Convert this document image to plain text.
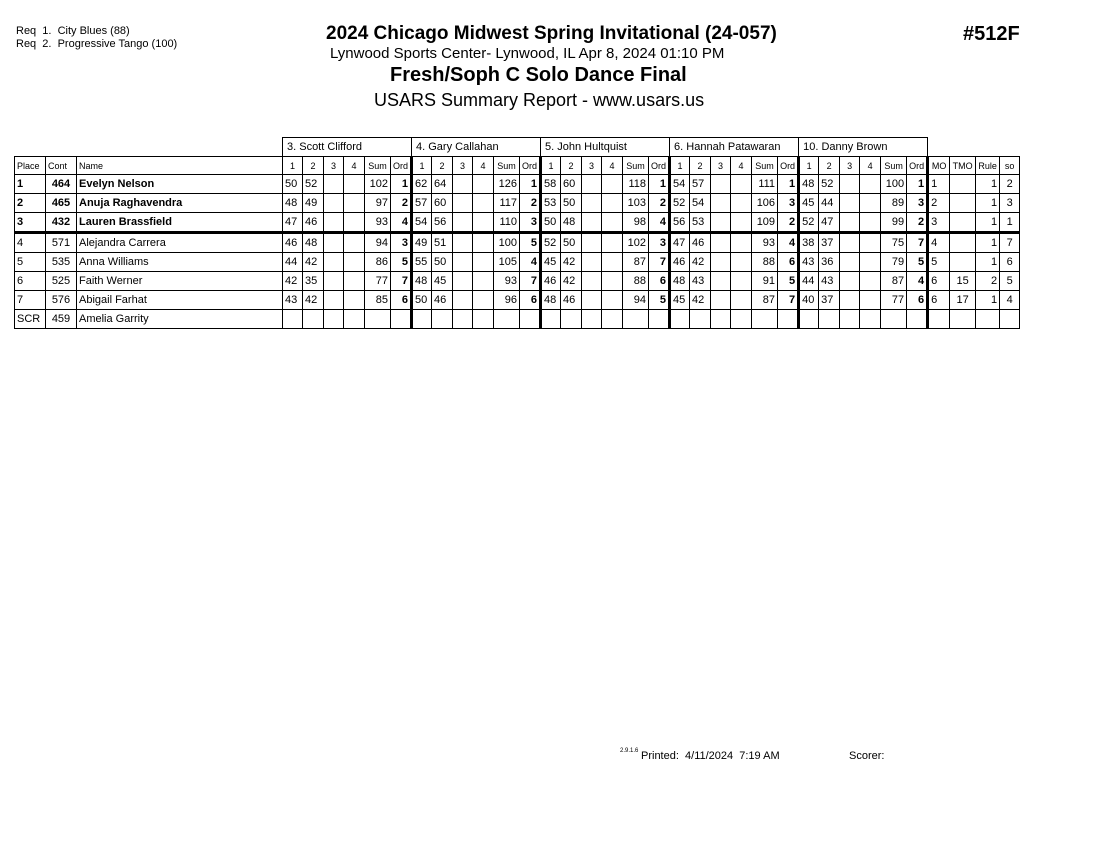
Req  1.  City Blues (88)
Req  2.  Progressive Tango (100)	2024 Chicago Midwest Spring Invitational (24-057)
Lynwood Sports Center- Lynwood, IL Apr 8, 2024 01:10 PM
Fresh/Soph C Solo Dance Final
USARS Summary Report - www.usars.us
#512F
			3. Scott Clifford						4. Gary Callahan						5. John Hultquist						6. Hannah Patawaran						10. Danny Brown									
Place	Cont	Name	1	2	3	4	Sum	Ord	1	2	3	4	Sum	Ord	1	2	3	4	Sum	Ord	1	2	3	4	Sum	Ord	1	2	3	4	Sum	Ord	MO	TMO	Rule	so
1	464	Evelyn Nelson	50	52			102	1	62	64			126	1	58	60			118	1	54	57			111	1	48	52			100	1	1		1	2
2	465	Anuja Raghavendra	48	49			97	2	57	60			117	2	53	50			103	2	52	54			106	3	45	44			89	3	2		1	3
3	432	Lauren Brassfield	47	46			93	4	54	56			110	3	50	48			98	4	56	53			109	2	52	47			99	2	3		1	1
4	571	Alejandra Carrera	46	48			94	3	49	51			100	5	52	50			102	3	47	46			93	4	38	37			75	7	4		1	7
5	535	Anna Williams	44	42			86	5	55	50			105	4	45	42			87	7	46	42			88	6	43	36			79	5	5		1	6
6	525	Faith Werner	42	35			77	7	48	45			93	7	46	42			88	6	48	43			91	5	44	43			87	4	6	15	2	5
7	576	Abigail Farhat	43	42			85	6	50	46			96	6	48	46			94	5	45	42			87	7	40	37			77	6	6	17	1	4
SCR	459	Amelia Garrity																																		
2.9.1.6 Printed:  4/11/2024  7:19 AM	Scorer:
